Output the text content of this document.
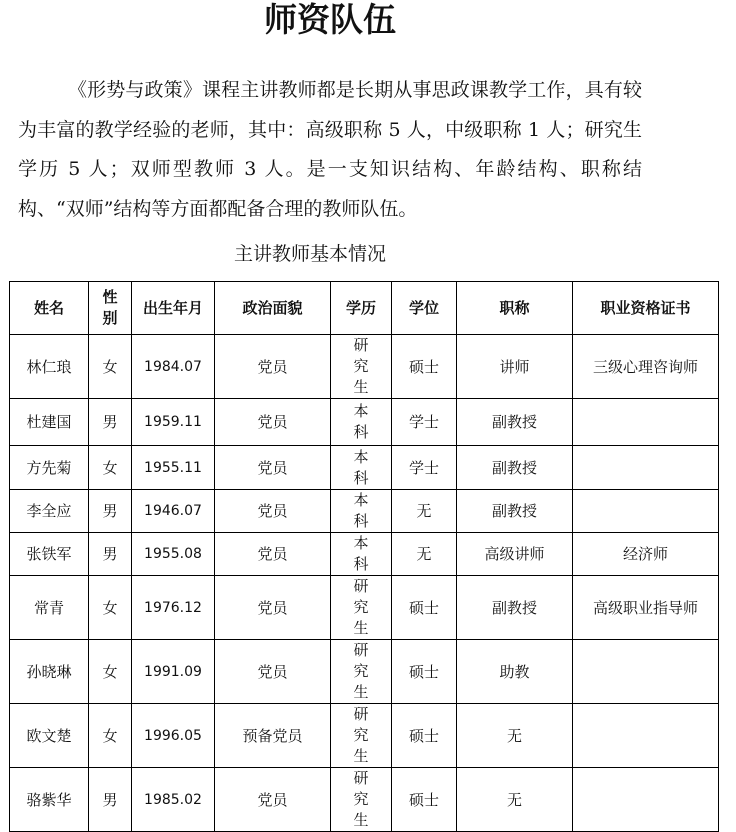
师资队伍

《形势与政策》课程主讲教师都是长期从事思政课教学工作，具有较为丰富的教学经验的老师，其中：高级职称 5 人，中级职称 1 人；研究生学历 5 人；双师型教师 3 人。是一支知识结构、年龄结构、职称结构、“双师”结构等方面都配备合理的教师队伍。

主讲教师基本情况
姓名	性别	出生年月	政治面貌	学历	学位	职称	职业资格证书
林仁琅	女	1984.07	党员	研究生	硕士	讲师	三级心理咨询师
杜建国	男	1959.11	党员	本科	学士	副教授	
方先菊	女	1955.11	党员	本科	学士	副教授	
李全应	男	1946.07	党员	本科	无	副教授	
张铁军	男	1955.08	党员	本科	无	高级讲师	经济师
常青	女	1976.12	党员	研究生	硕士	副教授	高级职业指导师
孙晓琳	女	1991.09	党员	研究生	硕士	助教	
欧文楚	女	1996.05	预备党员	研究生	硕士	无	
骆紫华	男	1985.02	党员	研究生	硕士	无	
